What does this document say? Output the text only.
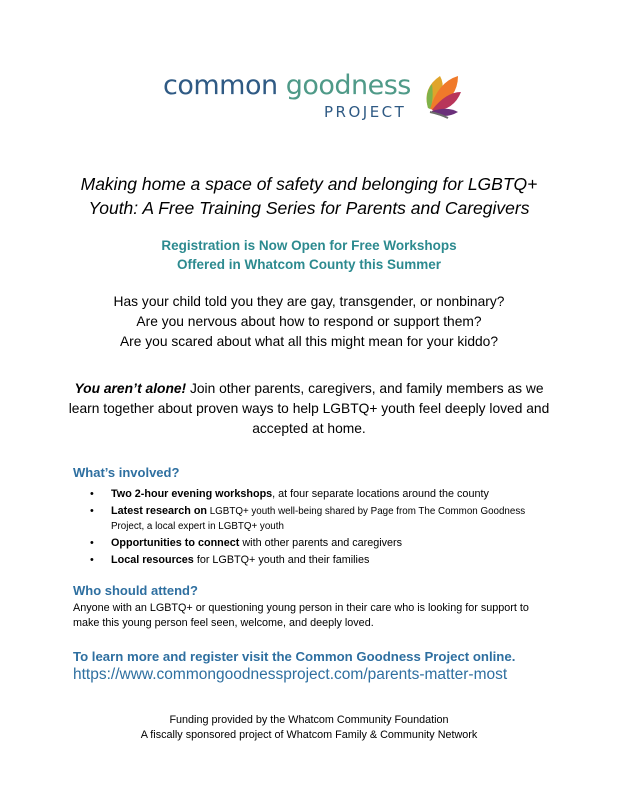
common goodness
PROJECT
Making home a space of safety and belonging for LGBTQ+
Youth: A Free Training Series for Parents and Caregivers
Registration is Now Open for Free Workshops
Offered in Whatcom County this Summer
Has your child told you they are gay, transgender, or nonbinary?
Are you nervous about how to respond or support them?
Are you scared about what all this might mean for your kiddo?
You aren’t alone! Join other parents, caregivers, and family members as we learn together about proven ways to help LGBTQ+ youth feel deeply loved and accepted at home.
What’s involved?
• Two 2-hour evening workshops, at four separate locations around the county
• Latest research on LGBTQ+ youth well-being shared by Page from The Common Goodness Project, a local expert in LGBTQ+ youth
• Opportunities to connect with other parents and caregivers
• Local resources for LGBTQ+ youth and their families
Who should attend?
Anyone with an LGBTQ+ or questioning young person in their care who is looking for support to make this young person feel seen, welcome, and deeply loved.
To learn more and register visit the Common Goodness Project online.
https://www.commongoodnessproject.com/parents-matter-most
Funding provided by the Whatcom Community Foundation
A fiscally sponsored project of Whatcom Family & Community Network
